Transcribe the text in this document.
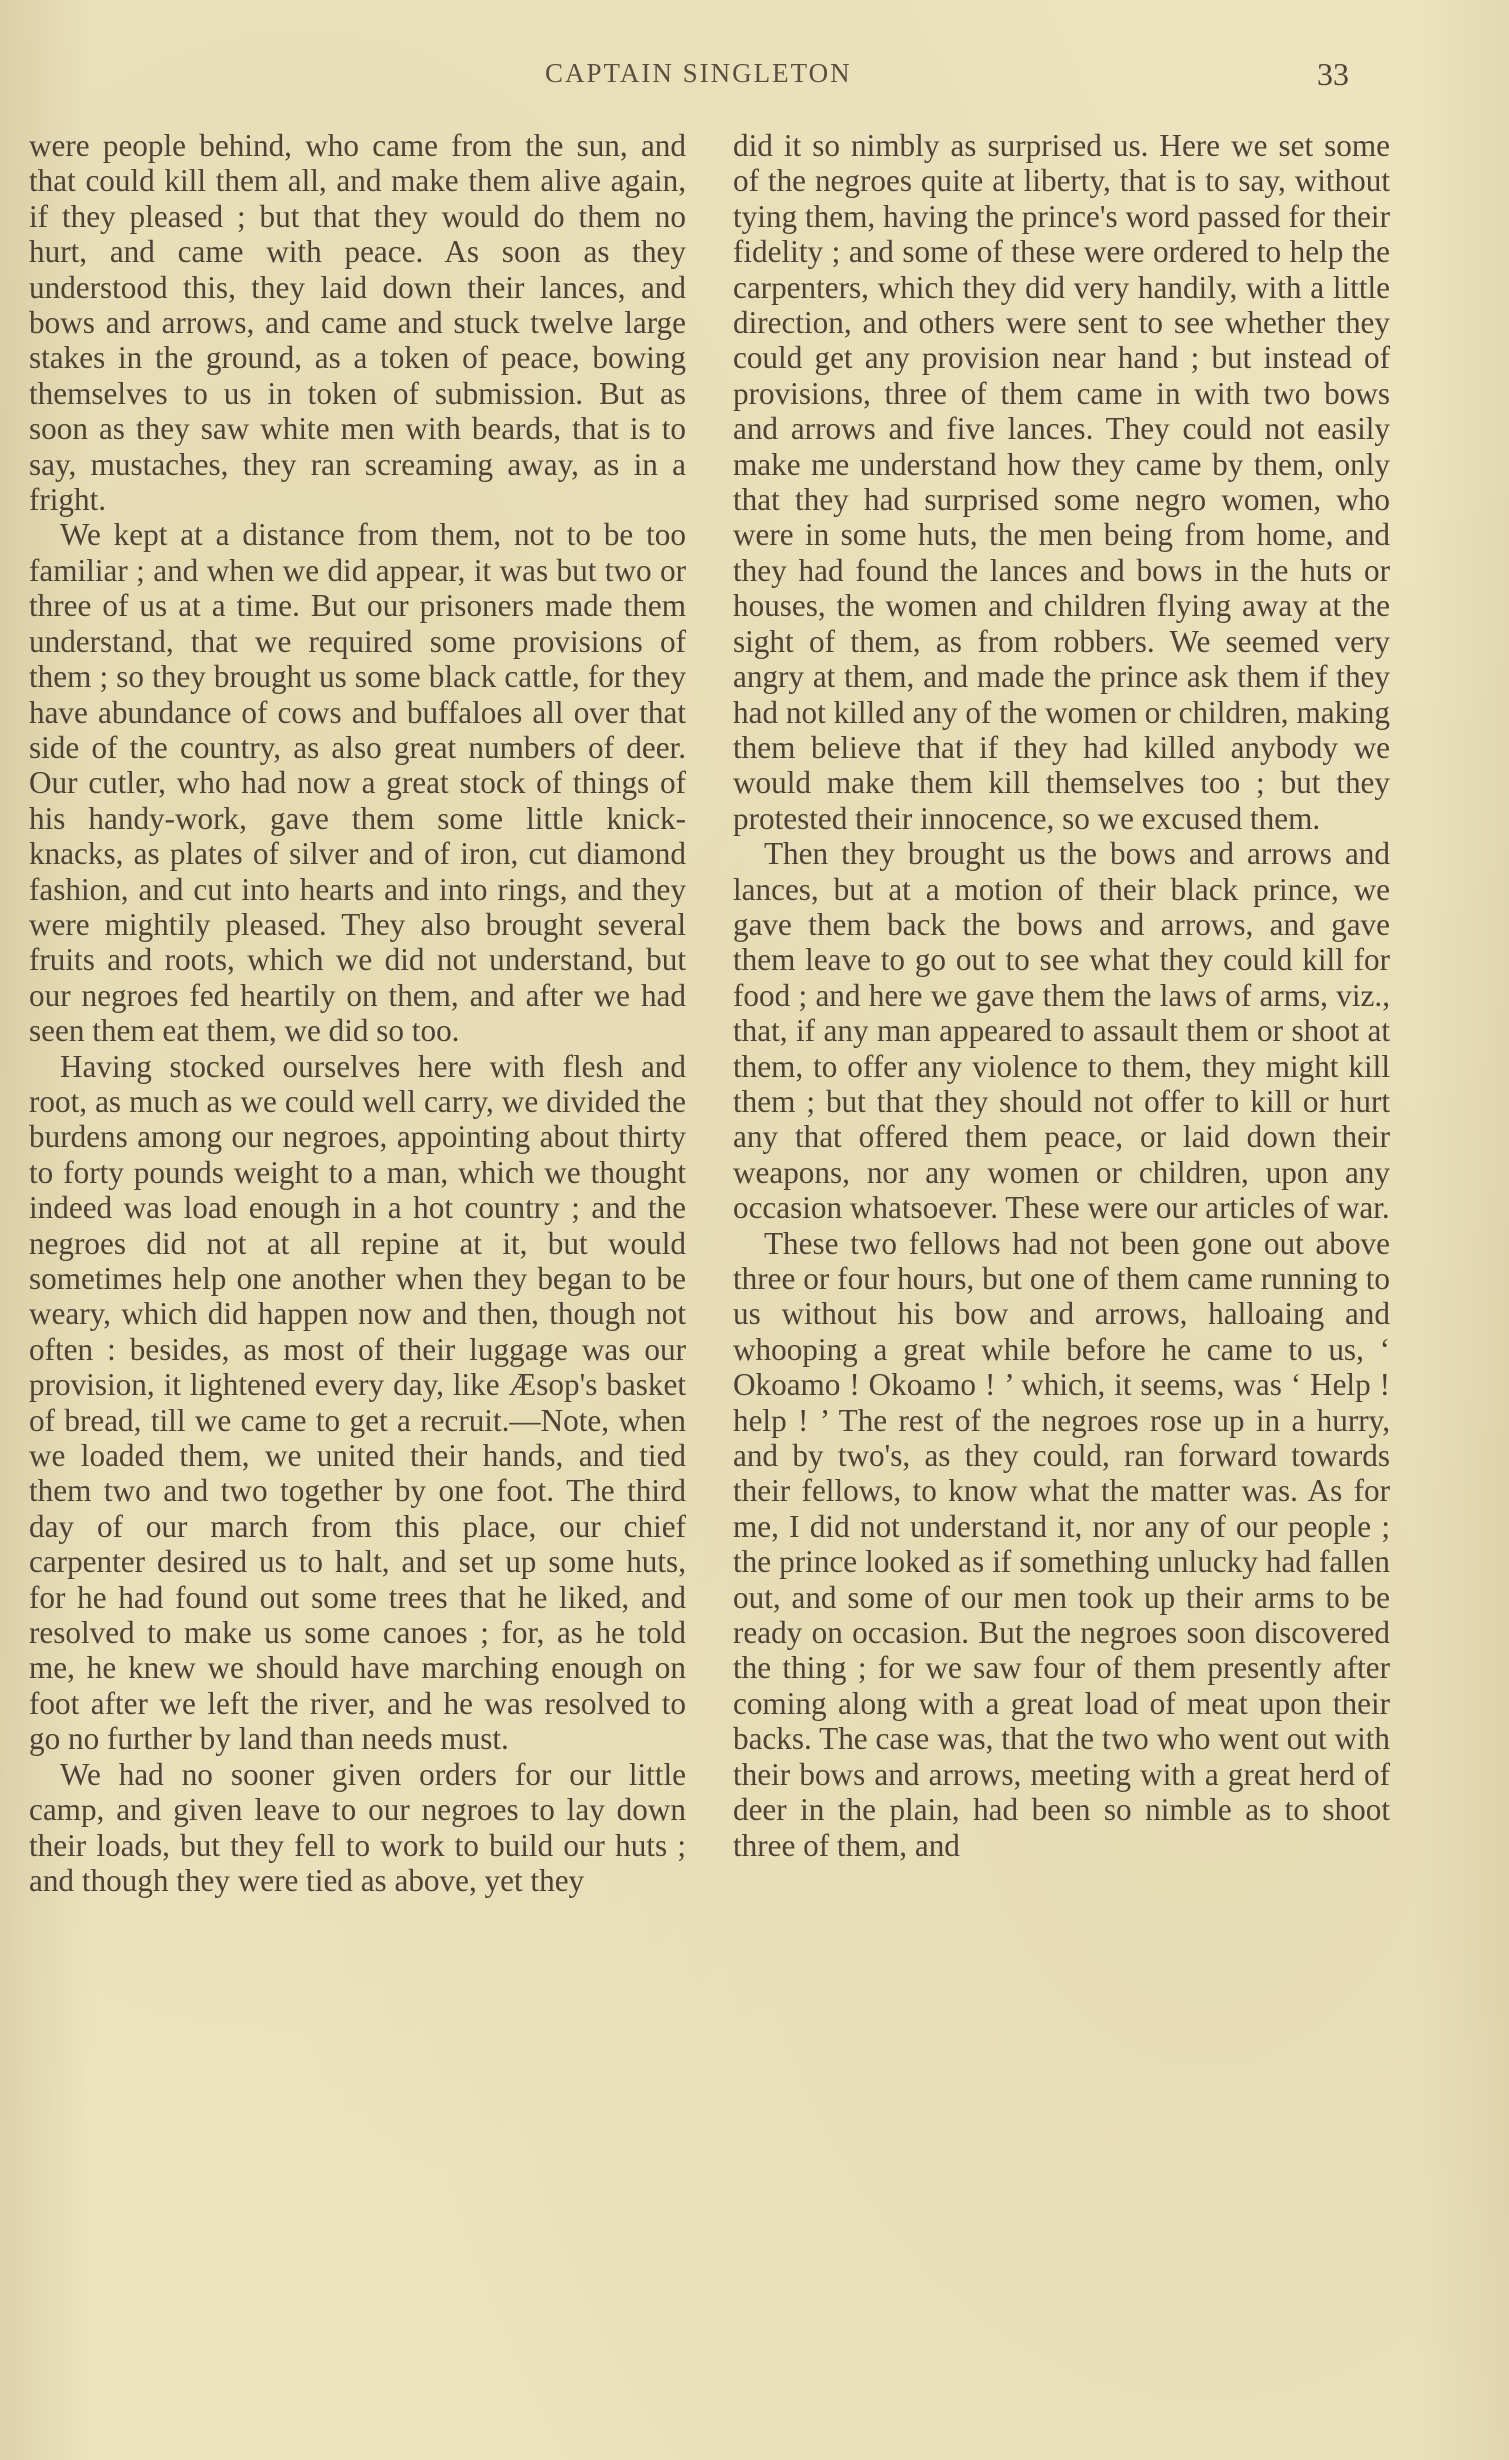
CAPTAIN SINGLETON	33

were people behind, who came from the sun, and that could kill them all, and make them alive again, if they pleased ; but that they would do them no hurt, and came with peace. As soon as they understood this, they laid down their lances, and bows and arrows, and came and stuck twelve large stakes in the ground, as a token of peace, bowing themselves to us in token of submission. But as soon as they saw white men with beards, that is to say, mustaches, they ran screaming away, as in a fright.

We kept at a distance from them, not to be too familiar ; and when we did appear, it was but two or three of us at a time. But our prisoners made them understand, that we required some provisions of them ; so they brought us some black cattle, for they have abundance of cows and buffaloes all over that side of the country, as also great numbers of deer. Our cutler, who had now a great stock of things of his handy-work, gave them some little knick-knacks, as plates of silver and of iron, cut diamond fashion, and cut into hearts and into rings, and they were mightily pleased. They also brought several fruits and roots, which we did not understand, but our negroes fed heartily on them, and after we had seen them eat them, we did so too.

Having stocked ourselves here with flesh and root, as much as we could well carry, we divided the burdens among our negroes, appointing about thirty to forty pounds weight to a man, which we thought indeed was load enough in a hot country ; and the negroes did not at all repine at it, but would sometimes help one another when they began to be weary, which did happen now and then, though not often : besides, as most of their luggage was our provision, it lightened every day, like Æsop's basket of bread, till we came to get a recruit.—Note, when we loaded them, we united their hands, and tied them two and two together by one foot. The third day of our march from this place, our chief carpenter desired us to halt, and set up some huts, for he had found out some trees that he liked, and resolved to make us some canoes ; for, as he told me, he knew we should have marching enough on foot after we left the river, and he was resolved to go no further by land than needs must.

We had no sooner given orders for our little camp, and given leave to our negroes to lay down their loads, but they fell to work to build our huts ; and though they were tied as above, yet they

did it so nimbly as surprised us. Here we set some of the negroes quite at liberty, that is to say, without tying them, having the prince's word passed for their fidelity ; and some of these were ordered to help the carpenters, which they did very handily, with a little direction, and others were sent to see whether they could get any provision near hand ; but instead of provisions, three of them came in with two bows and arrows and five lances. They could not easily make me understand how they came by them, only that they had surprised some negro women, who were in some huts, the men being from home, and they had found the lances and bows in the huts or houses, the women and children flying away at the sight of them, as from robbers. We seemed very angry at them, and made the prince ask them if they had not killed any of the women or children, making them believe that if they had killed anybody we would make them kill themselves too ; but they protested their innocence, so we excused them.

Then they brought us the bows and arrows and lances, but at a motion of their black prince, we gave them back the bows and arrows, and gave them leave to go out to see what they could kill for food ; and here we gave them the laws of arms, viz., that, if any man appeared to assault them or shoot at them, to offer any violence to them, they might kill them ; but that they should not offer to kill or hurt any that offered them peace, or laid down their weapons, nor any women or children, upon any occasion whatsoever. These were our articles of war.

These two fellows had not been gone out above three or four hours, but one of them came running to us without his bow and arrows, halloaing and whooping a great while before he came to us, ‘ Okoamo ! Okoamo ! ’ which, it seems, was ‘ Help ! help ! ’ The rest of the negroes rose up in a hurry, and by two's, as they could, ran forward towards their fellows, to know what the matter was. As for me, I did not understand it, nor any of our people ; the prince looked as if something unlucky had fallen out, and some of our men took up their arms to be ready on occasion. But the negroes soon discovered the thing ; for we saw four of them presently after coming along with a great load of meat upon their backs. The case was, that the two who went out with their bows and arrows, meeting with a great herd of deer in the plain, had been so nimble as to shoot three of them, and
